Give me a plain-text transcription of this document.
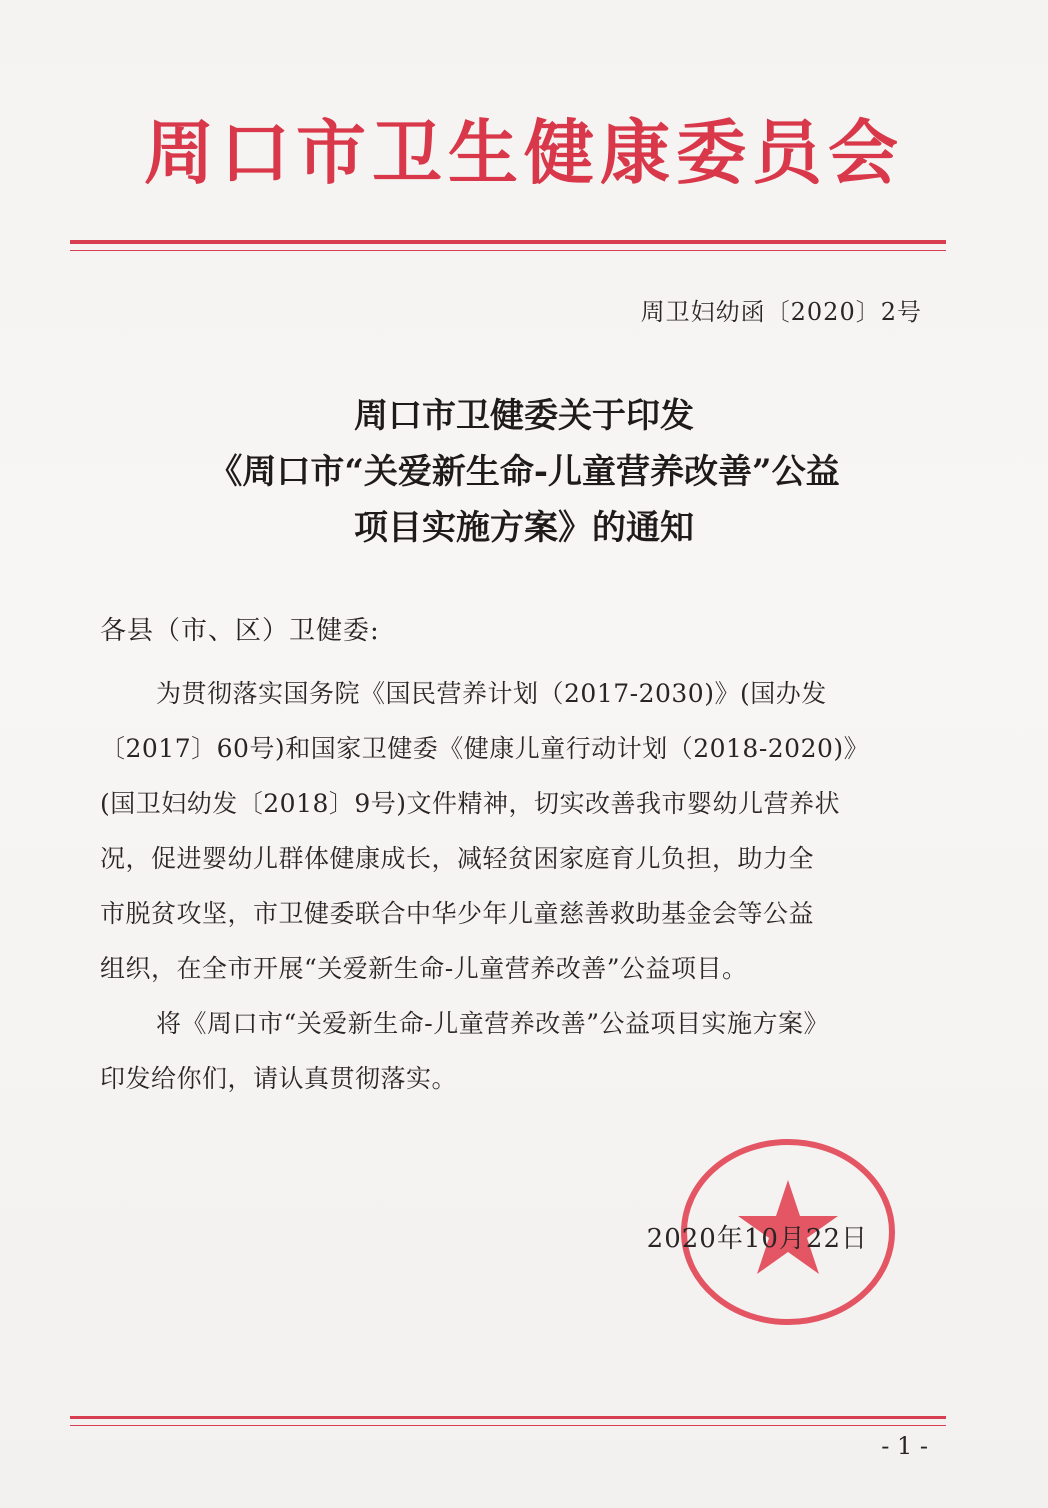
周口市卫生健康委员会
周卫妇幼函〔2020〕2号
周口市卫健委关于印发
《周口市“关爱新生命-儿童营养改善”公益
项目实施方案》的通知
各县（市、区）卫健委:

为贯彻落实国务院《国民营养计划（2017-2030)》(国办发
〔2017〕60号)和国家卫健委《健康儿童行动计划（2018-2020)》
(国卫妇幼发〔2018〕9号)文件精神，切实改善我市婴幼儿营养状
况，促进婴幼儿群体健康成长，减轻贫困家庭育儿负担，助力全
市脱贫攻坚，市卫健委联合中华少年儿童慈善救助基金会等公益
组织，在全市开展“关爱新生命-儿童营养改善”公益项目。

将《周口市“关爱新生命-儿童营养改善”公益项目实施方案》
印发给你们，请认真贯彻落实。

2020年10月22日
- 1 -
